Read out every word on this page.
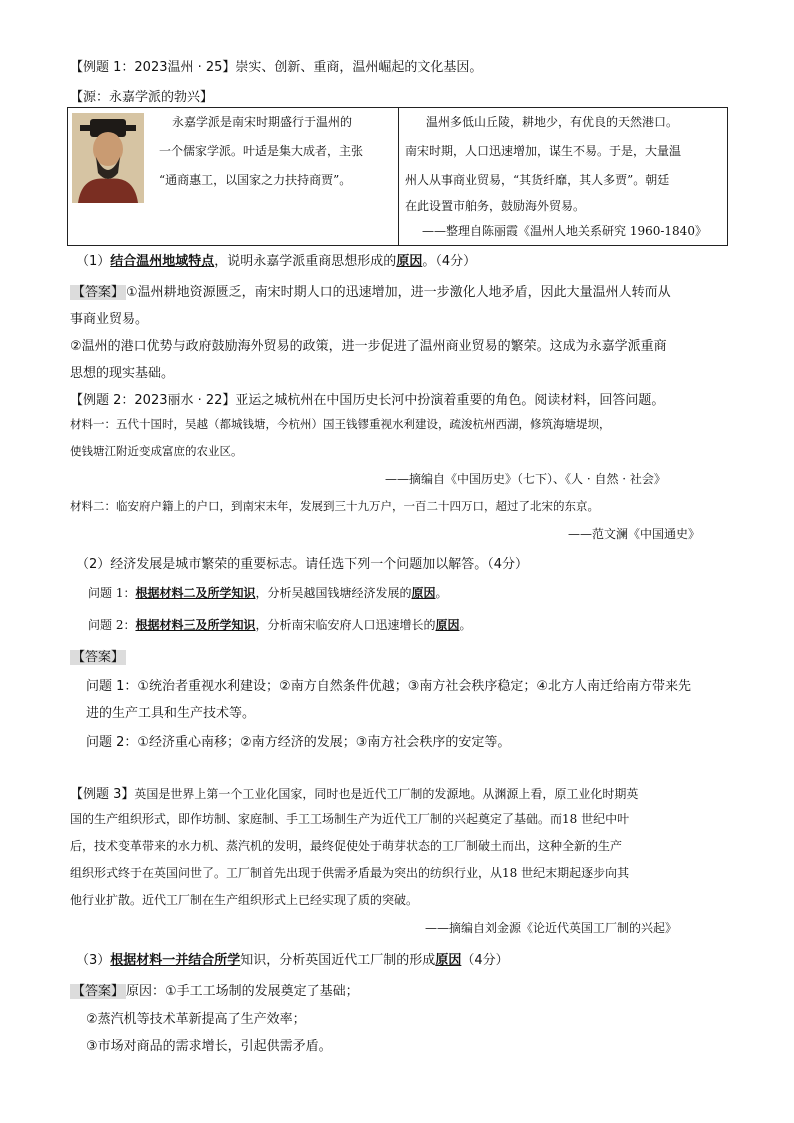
【例题 1：2023温州 · 25】崇实、创新、重商，温州崛起的文化基因。
【源：永嘉学派的勃兴】
永嘉学派是南宋时期盛行于温州的
一个儒家学派。叶适是集大成者，主张
“通商惠工，以国家之力扶持商贾”。
温州多低山丘陵，耕地少，有优良的天然港口。
南宋时期，人口迅速增加，谋生不易。于是，大量温
州人从事商业贸易，“其货纤靡，其人多贾”。朝廷
在此设置市舶务，鼓励海外贸易。
——整理自陈丽霞《温州人地关系研究 1960-1840》
（1）结合温州地域特点，说明永嘉学派重商思想形成的原因。（4分）
【答案】 ①温州耕地资源匮乏，南宋时期人口的迅速增加，进一步激化人地矛盾，因此大量温州人转而从
事商业贸易。
②温州的港口优势与政府鼓励海外贸易的政策，进一步促进了温州商业贸易的繁荣。这成为永嘉学派重商
思想的现实基础。
【例题 2：2023丽水 · 22】亚运之城杭州在中国历史长河中扮演着重要的角色。阅读材料，回答问题。
材料一：五代十国时，吴越（都城钱塘，今杭州）国王钱镠重视水利建设，疏浚杭州西湖，修筑海塘堤坝，
使钱塘江附近变成富庶的农业区。
——摘编自《中国历史》（七下）、《人 · 自然 · 社会》
材料二：临安府户籍上的户口，到南宋末年，发展到三十九万户，一百二十四万口，超过了北宋的东京。
——范文澜《中国通史》
（2）经济发展是城市繁荣的重要标志。请任选下列一个问题加以解答。（4分）
问题 1：根据材料二及所学知识，分析吴越国钱塘经济发展的原因。
问题 2：根据材料三及所学知识，分析南宋临安府人口迅速增长的原因。
【答案】
问题 1：①统治者重视水利建设；②南方自然条件优越；③南方社会秩序稳定；④北方人南迁给南方带来先
进的生产工具和生产技术等。
问题 2：①经济重心南移；②南方经济的发展；③南方社会秩序的安定等。
【例题 3】英国是世界上第一个工业化国家，同时也是近代工厂制的发源地。从渊源上看，原工业化时期英
国的生产组织形式，即作坊制、家庭制、手工工场制生产为近代工厂制的兴起奠定了基础。而18 世纪中叶
后，技术变革带来的水力机、蒸汽机的发明，最终促使处于萌芽状态的工厂制破土而出，这种全新的生产
组织形式终于在英国问世了。工厂制首先出现于供需矛盾最为突出的纺织行业，从18 世纪末期起逐步向其
他行业扩散。近代工厂制在生产组织形式上已经实现了质的突破。
——摘编自刘金源《论近代英国工厂制的兴起》
（3）根据材料一并结合所学知识，分析英国近代工厂制的形成原因（4分）
【答案】 原因：①手工工场制的发展奠定了基础；
②蒸汽机等技术革新提高了生产效率；
③市场对商品的需求增长，引起供需矛盾。
